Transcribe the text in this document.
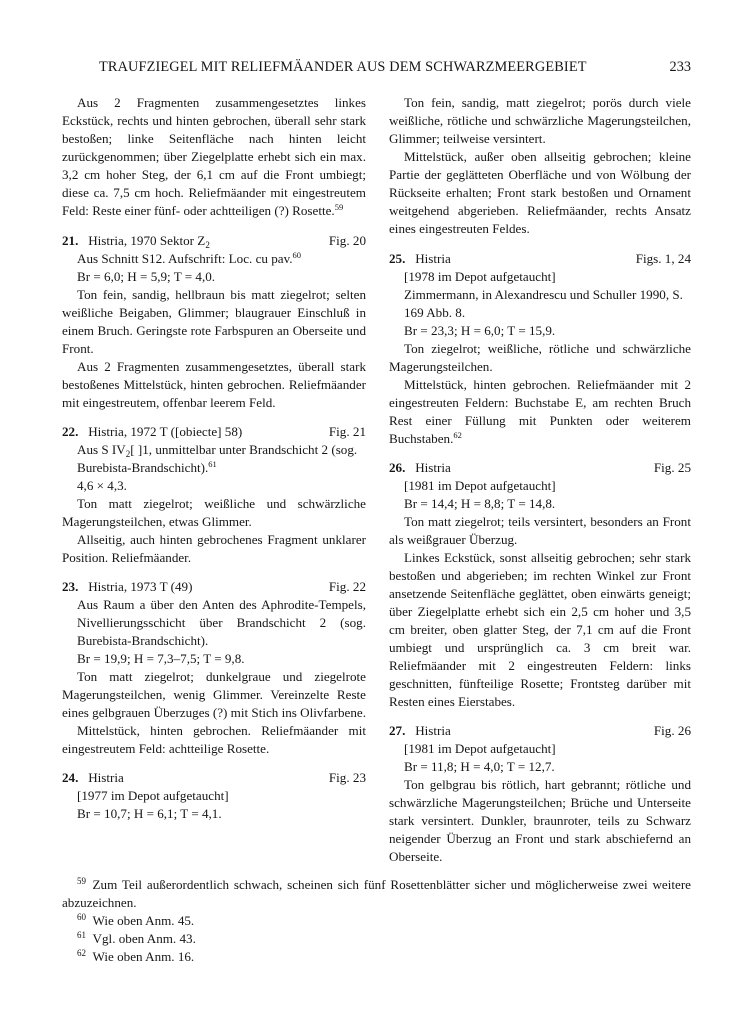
TRAUFZIEGEL MIT RELIEFMÄANDER AUS DEM SCHWARZMEERGEBIET	233

Aus 2 Fragmenten zusammengesetztes linkes Eckstück, rechts und hinten gebrochen, überall sehr stark bestoßen; linke Seitenfläche nach hinten leicht zurückgenommen; über Ziegelplatte erhebt sich ein max. 3,2 cm hoher Steg, der 6,1 cm auf die Front umbiegt; diese ca. 7,5 cm hoch. Reliefmäander mit eingestreutem Feld: Reste einer fünf- oder achtteiligen (?) Rosette.$^{59}$

21.   Histria, 1970 Sektor $Z_2$	Fig. 20

Aus Schnitt S12. Aufschrift: Loc. cu pav.$^{60}$

Br = 6,0; H = 5,9; T = 4,0.

Ton fein, sandig, hellbraun bis matt ziegelrot; selten weißliche Beigaben, Glimmer; blaugrauer Einschluß in einem Bruch. Geringste rote Farbspuren an Oberseite und Front.

Aus 2 Fragmenten zusammengesetztes, überall stark bestoßenes Mittelstück, hinten gebrochen. Reliefmäander mit eingestreutem, offenbar leerem Feld.

22.   Histria, 1972 T ([obiecte] 58)	Fig. 21

Aus S $IV_2$[ ]1, unmittelbar unter Brandschicht 2 (sog. Burebista-Brandschicht).$^{61}$

4,6 × 4,3.

Ton matt ziegelrot; weißliche und schwärzliche Magerungsteilchen, etwas Glimmer.

Allseitig, auch hinten gebrochenes Fragment unklarer Position. Reliefmäander.

23.   Histria, 1973 T (49)	Fig. 22

Aus Raum a über den Anten des Aphrodite-Tempels, Nivellierungsschicht über Brandschicht 2 (sog. Burebista-Brandschicht).

Br = 19,9; H = 7,3–7,5; T = 9,8.

Ton matt ziegelrot; dunkelgraue und ziegelrote Magerungsteilchen, wenig Glimmer. Vereinzelte Reste eines gelbgrauen Überzuges (?) mit Stich ins Olivfarbene.

Mittelstück, hinten gebrochen. Reliefmäander mit eingestreutem Feld: achtteilige Rosette.

24.   Histria	Fig. 23

[1977 im Depot aufgetaucht]

Br = 10,7; H = 6,1; T = 4,1.

Ton fein, sandig, matt ziegelrot; porös durch viele weißliche, rötliche und schwärzliche Magerungsteilchen, Glimmer; teilweise versintert.

Mittelstück, außer oben allseitig gebrochen; kleine Partie der geglätteten Oberfläche und von Wölbung der Rückseite erhalten; Front stark bestoßen und Ornament weitgehend abgerieben. Reliefmäander, rechts Ansatz eines eingestreuten Feldes.

25.   Histria	Figs. 1, 24

[1978 im Depot aufgetaucht]

Zimmermann, in Alexandrescu und Schuller 1990, S. 169 Abb. 8.

Br = 23,3; H = 6,0; T = 15,9.

Ton ziegelrot; weißliche, rötliche und schwärzliche Magerungsteilchen.

Mittelstück, hinten gebrochen. Reliefmäander mit 2 eingestreuten Feldern: Buchstabe E, am rechten Bruch Rest einer Füllung mit Punkten oder weiterem Buchstaben.$^{62}$

26.   Histria	Fig. 25

[1981 im Depot aufgetaucht]

Br = 14,4; H = 8,8; T = 14,8.

Ton matt ziegelrot; teils versintert, besonders an Front als weißgrauer Überzug.

Linkes Eckstück, sonst allseitig gebrochen; sehr stark bestoßen und abgerieben; im rechten Winkel zur Front ansetzende Seitenfläche geglättet, oben einwärts geneigt; über Ziegelplatte erhebt sich ein 2,5 cm hoher und 3,5 cm breiter, oben glatter Steg, der 7,1 cm auf die Front umbiegt und ursprünglich ca. 3 cm breit war. Reliefmäander mit 2 eingestreuten Feldern: links geschnitten, fünfteilige Rosette; Frontsteg darüber mit Resten eines Eierstabes.

27.   Histria	Fig. 26

[1981 im Depot aufgetaucht]

Br = 11,8; H = 4,0; T = 12,7.

Ton gelbgrau bis rötlich, hart gebrannt; rötliche und schwärzliche Magerungsteilchen; Brüche und Unterseite stark versintert. Dunkler, braunroter, teils zu Schwarz neigender Überzug an Front und stark abschiefernd an Oberseite.

$^{59}$  Zum Teil außerordentlich schwach, scheinen sich fünf Rosettenblätter sicher und möglicherweise zwei weitere abzuzeichnen.
$^{60}$  Wie oben Anm. 45.
$^{61}$  Vgl. oben Anm. 43.
$^{62}$  Wie oben Anm. 16.
